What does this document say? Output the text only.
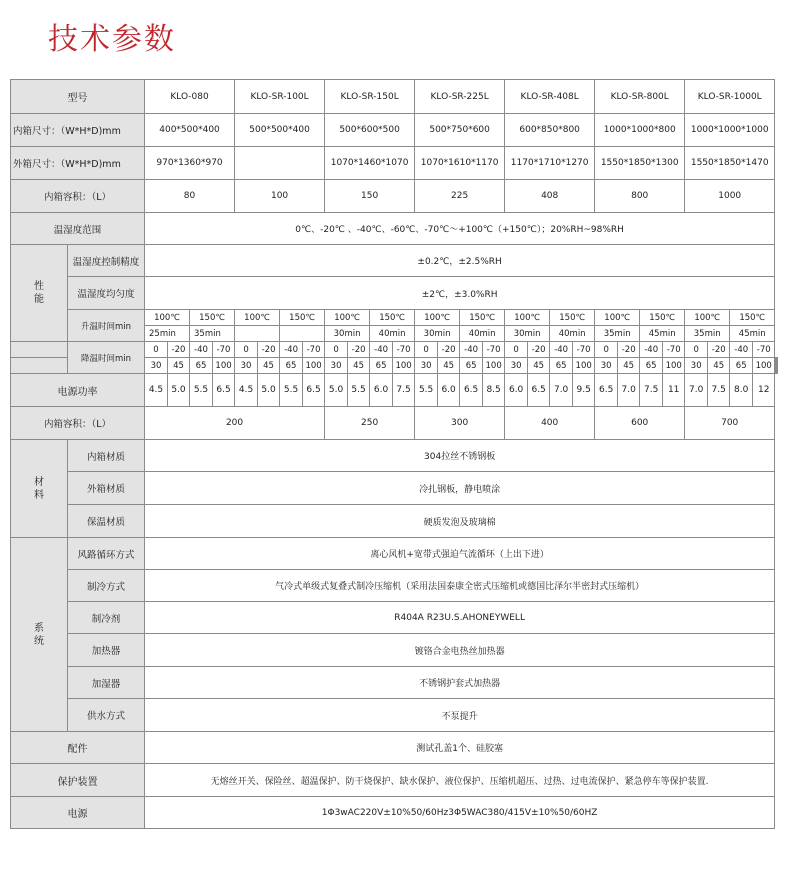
技术参数
型号		KLO-080				KLO-SR-100L				KLO-SR-150L				KLO-SR-225L				KLO-SR-408L				KLO-SR-800L				KLO-SR-1000L					
内箱尺寸：（W*H*D)mm		400*500*400				500*500*400				500*600*500				500*750*600				600*850*800				1000*1000*800				1000*1000*1000					
外箱尺寸：（W*H*D)mm		970*1360*970								1070*1460*1070				1070*1610*1170				1170*1710*1270				1550*1850*1300				1550*1850*1470					
内箱容积：（L）		80				100				150				225				408				800				1000					
温湿度范围		0℃、-20℃ 、-40℃、-60℃、-70℃～+100℃（+150℃）；20%RH~98%RH																													
性能	温湿度控制精度	±0.2℃，±2.5%RH																													
	温湿度均匀度	±2℃，±3.0%RH																													
	升温时间min	100℃		150℃		100℃		150℃		100℃		150℃		100℃		150℃		100℃		150℃		100℃		150℃		100℃		150℃			
		25min		35min						30min		40min		30min		40min		30min		40min		35min		45min		35min		45min			
	降温时间min	0	-20	-40	-70	0	-20	-40	-70	0	-20	-40	-70	0	-20	-40	-70	0	-20	-40	-70	0	-20	-40	-70	0	-20	-40	-70		
		30	45	65	100	30	45	65	100	30	45	65	100	30	45	65	100	30	45	65	100	30	45	65	100	30	45	65	100				
电源功率		4.5	5.0	5.5	6.5	4.5	5.0	5.5	6.5	5.0	5.5	6.0	7.5	5.5	6.0	6.5	8.5	6.0	6.5	7.0	9.5	6.5	7.0	7.5	11	7.0	7.5	8.0	12		
内箱容积：（L）		200								250				300				400				600				700					
材料	内箱材质	304拉丝不锈钢板																													
	外箱材质	冷扎钢板，静电喷涂																													
	保温材质	硬质发泡及玻璃棉																													
系统	风路循环方式	离心风机+宽带式强迫气流循环（上出下进）																													
	制冷方式	气冷式单级式复叠式制冷压缩机（采用法国泰康全密式压缩机或德国比泽尔半密封式压缩机）																													
	制冷剂	R404A R23U.S.AHONEYWELL																													
	加热器	镀铬合金电热丝加热器																													
	加湿器	不锈钢护套式加热器																													
	供水方式	不泵提升																													
配件		测试孔盖1个、硅胶塞																													
保护装置		无熔丝开关、保险丝、超温保护、防干烧保护、缺水保护、液位保护、压缩机超压、过热、过电流保护、紧急停车等保护装置.																													
电源		1Φ3wAC220V±10%50/60Hz3Φ5WAC380/415V±10%50/60HZ																													
